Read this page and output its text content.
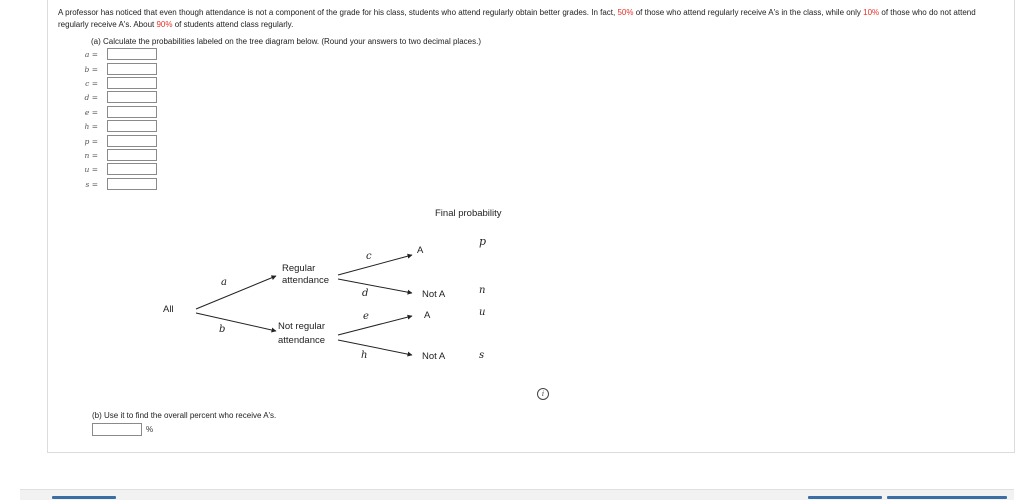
A professor has noticed that even though attendance is not a component of the grade for his class, students who attend regularly obtain better grades. In fact, 50% of those who attend regularly receive A's in the class, while only 10% of those who do not attend regularly receive A's. About 90% of students attend class regularly.
(a) Calculate the probabilities labeled on the tree diagram below. (Round your answers to two decimal places.)
a =
b =
c =
d =
e =
h =
p =
n =
u =
s =
Final probability
All
Regular
attendance
Not regular
attendance
A
Not A
A
Not A
a
b
c
d
e
h
p
n
u
s
i
(b) Use it to find the overall percent who receive A's.
%
